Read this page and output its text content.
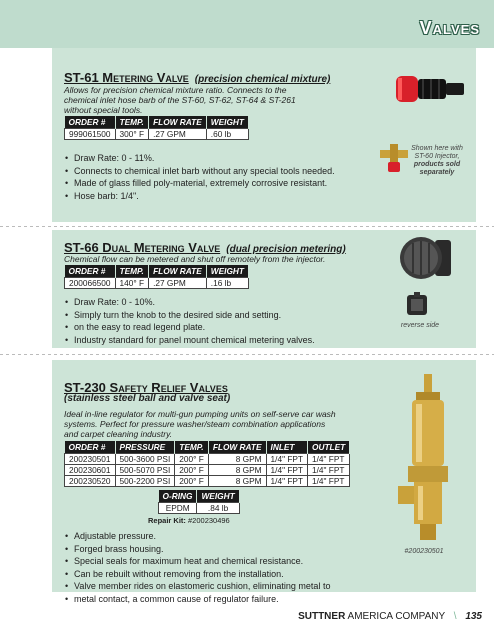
Valves
ST-61 Metering Valve (precision chemical mixture)
Allows for precision chemical mixture ratio. Connects to the
chemical inlet hose barb of the ST-60, ST-62, ST-64 & ST-261
without special tools.
ORDER #	TEMP.	FLOW RATE	WEIGHT
999061500	300° F	.27 GPM	.60 lb
• Draw Rate: 0 - 11%.
• Connects to chemical inlet barb without any special tools needed.
• Made of glass filled poly-material, extremely corrosive resistant.
• Hose barb: 1/4".
Shown here with
ST-60 Injector,
products sold
separately
ST-66 Dual Metering Valve (dual precision metering)
Chemical flow can be metered and shut off remotely from the injector.
ORDER #	TEMP.	FLOW RATE	WEIGHT
200066500	140° F	.27 GPM	.16 lb
• Draw Rate: 0 - 10%.
• Simply turn the knob to the desired side and setting.
• on the easy to read legend plate.
• Industry standard for panel mount chemical metering valves.
reverse side
ST-230 Safety Relief Valves
(stainless steel ball and valve seat)
Ideal in-line regulator for multi-gun pumping units on self-serve car wash
systems. Perfect for pressure washer/steam combination applications
and carpet cleaning industry.
ORDER #	PRESSURE	TEMP.	FLOW RATE	INLET	OUTLET
200230501	500-3600 PSI	200° F	8 GPM	1/4" FPT	1/4" FPT
200230601	500-5070 PSI	200° F	8 GPM	1/4" FPT	1/4" FPT
200230520	500-2200 PSI	200° F	8 GPM	1/4" FPT	1/4" FPT
O-RING	WEIGHT
EPDM	.84 lb
Repair Kit: #200230496
• Adjustable pressure.
• Forged brass housing.
• Special seals for maximum heat and chemical resistance.
• Can be rebuilt without removing from the installation.
• Valve member rides on elastomeric cushion, eliminating metal to
• metal contact, a common cause of regulator failure.
#200230501
SUTTNER AMERICA COMPANY \ 135
